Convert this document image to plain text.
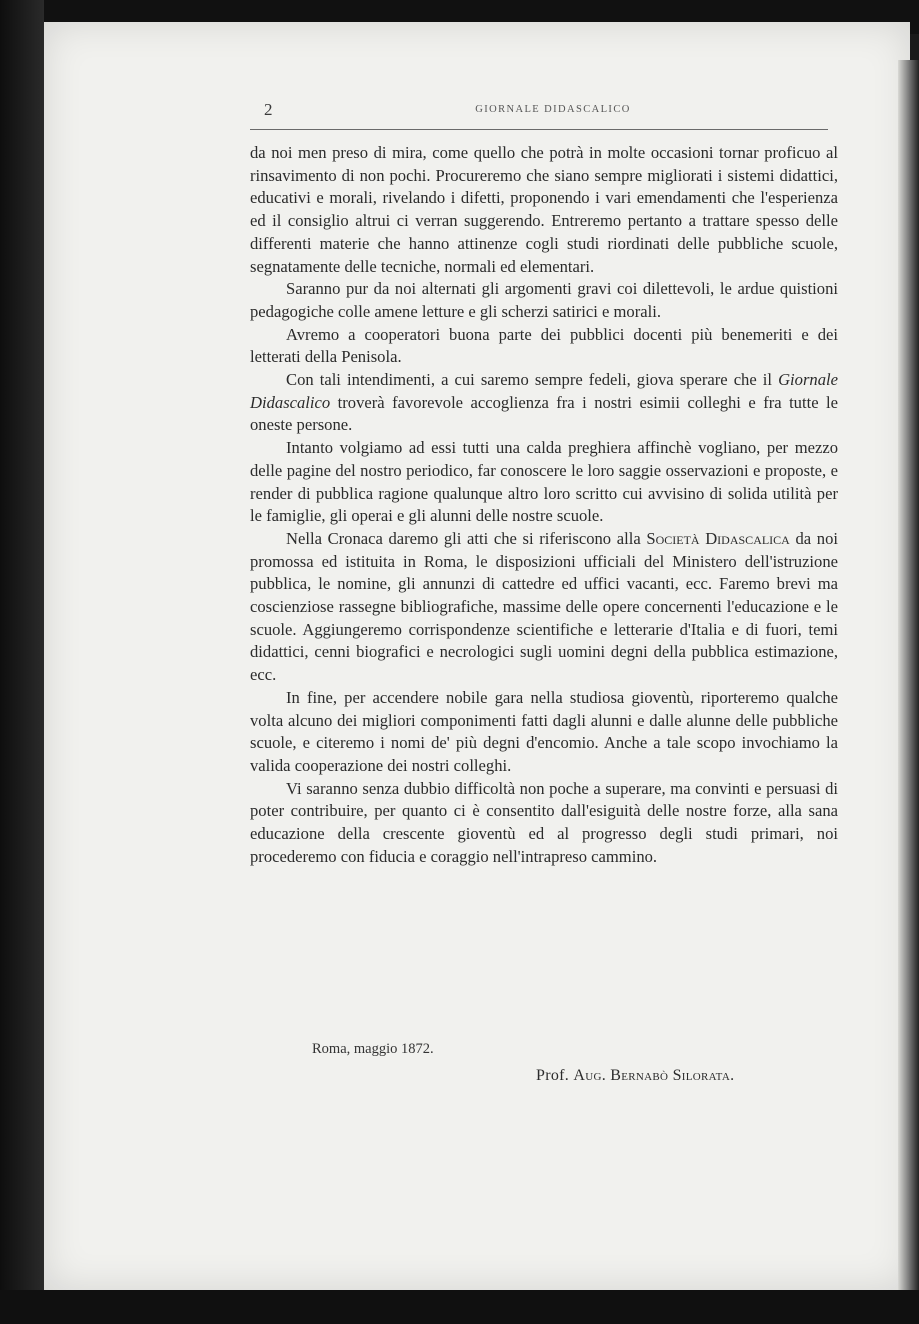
2	GIORNALE DIDASCALICO

da noi men preso di mira, come quello che potrà in molte occasioni tornar proficuo al rinsavimento di non pochi. Procureremo che siano sempre migliorati i sistemi didattici, educativi e morali, rivelando i difetti, proponendo i vari emendamenti che l'esperienza ed il consiglio altrui ci verran suggerendo. Entreremo pertanto a trattare spesso delle differenti materie che hanno attinenze cogli studi riordinati delle pubbliche scuole, segnatamente delle tecniche, normali ed elementari.

Saranno pur da noi alternati gli argomenti gravi coi dilettevoli, le ardue quistioni pedagogiche colle amene letture e gli scherzi satirici e morali.

Avremo a cooperatori buona parte dei pubblici docenti più benemeriti e dei letterati della Penisola.

Con tali intendimenti, a cui saremo sempre fedeli, giova sperare che il Giornale Didascalico troverà favorevole accoglienza fra i nostri esimii colleghi e fra tutte le oneste persone.

Intanto volgiamo ad essi tutti una calda preghiera affinchè vogliano, per mezzo delle pagine del nostro periodico, far conoscere le loro saggie osservazioni e proposte, e render di pubblica ragione qualunque altro loro scritto cui avvisino di solida utilità per le famiglie, gli operai e gli alunni delle nostre scuole.

Nella Cronaca daremo gli atti che si riferiscono alla Società Didascalica da noi promossa ed istituita in Roma, le disposizioni ufficiali del Ministero dell'istruzione pubblica, le nomine, gli annunzi di cattedre ed uffici vacanti, ecc. Faremo brevi ma coscienziose rassegne bibliografiche, massime delle opere concernenti l'educazione e le scuole. Aggiungeremo corrispondenze scientifiche e letterarie d'Italia e di fuori, temi didattici, cenni biografici e necrologici sugli uomini degni della pubblica estimazione, ecc.

In fine, per accendere nobile gara nella studiosa gioventù, riporteremo qualche volta alcuno dei migliori componimenti fatti dagli alunni e dalle alunne delle pubbliche scuole, e citeremo i nomi de' più degni d'encomio. Anche a tale scopo invochiamo la valida cooperazione dei nostri colleghi.

Vi saranno senza dubbio difficoltà non poche a superare, ma convinti e persuasi di poter contribuire, per quanto ci è consentito dall'esiguità delle nostre forze, alla sana educazione della crescente gioventù ed al progresso degli studi primari, noi procederemo con fiducia e coraggio nell'intrapreso cammino.

Roma, maggio 1872.
Prof. Aug. Bernabò Silorata.
